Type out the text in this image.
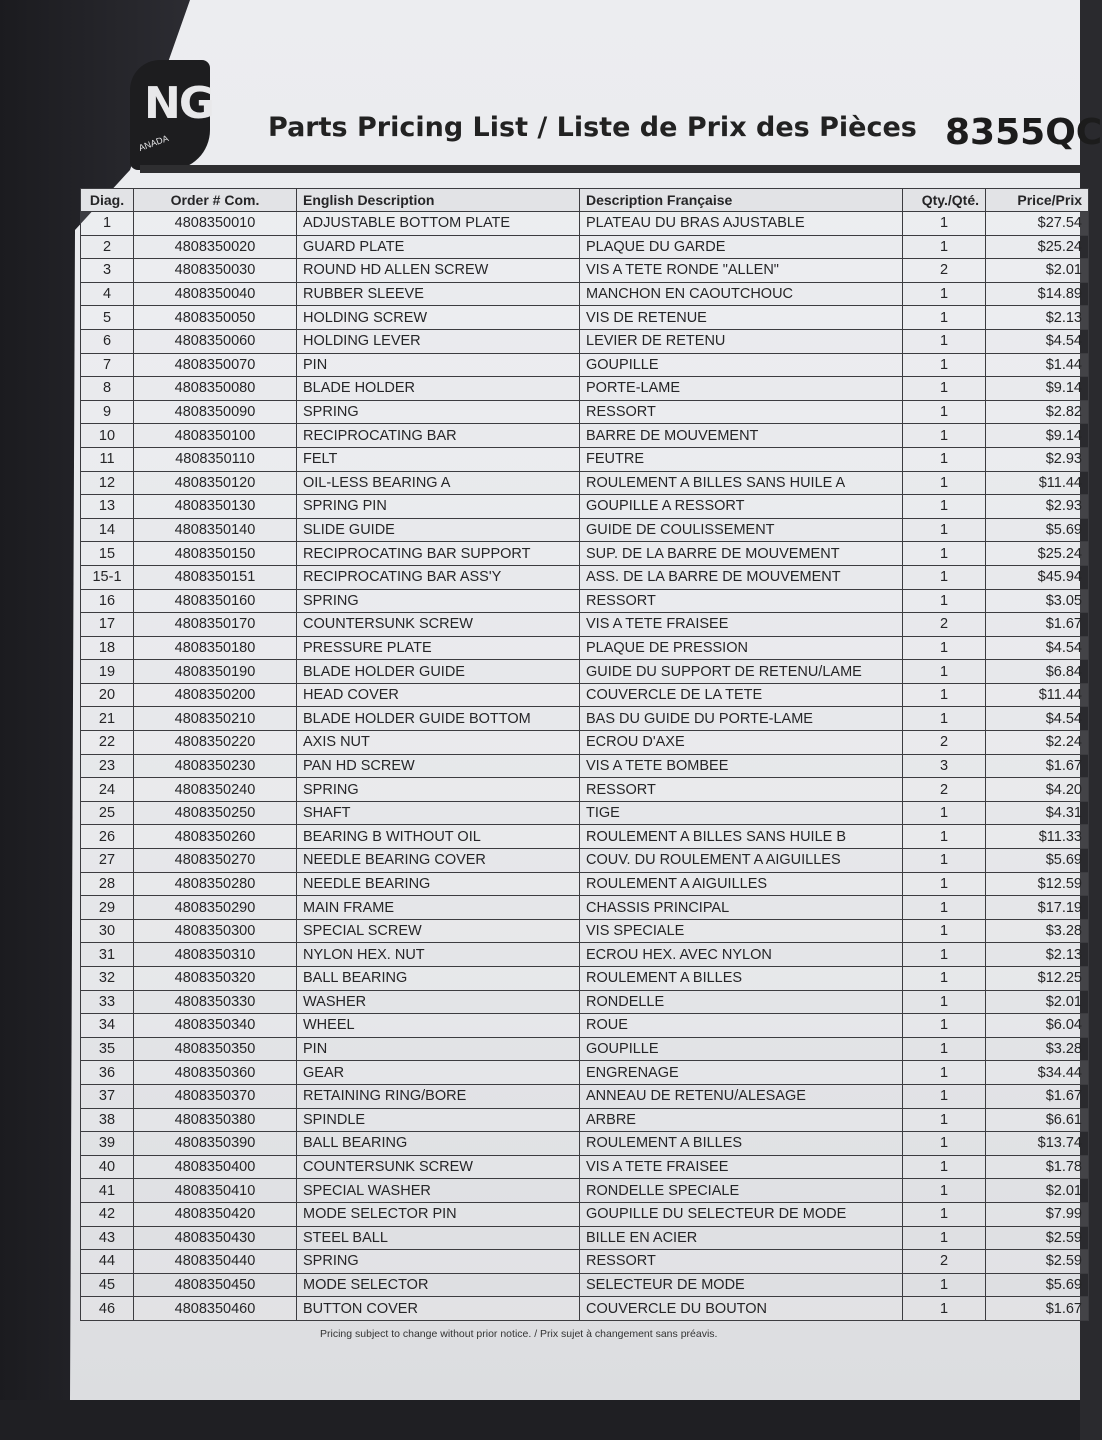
NG
ANADA	Parts Pricing List / Liste de Prix des Pièces 8355QC
Diag.	Order # Com.	English Description	Description Française	Qty./Qté.	Price/Prix
1	4808350010	ADJUSTABLE BOTTOM PLATE	PLATEAU DU BRAS AJUSTABLE	1	$27.54
2	4808350020	GUARD PLATE	PLAQUE DU GARDE	1	$25.24
3	4808350030	ROUND HD ALLEN SCREW	VIS A TETE RONDE "ALLEN"	2	$2.01
4	4808350040	RUBBER SLEEVE	MANCHON EN CAOUTCHOUC	1	$14.89
5	4808350050	HOLDING SCREW	VIS DE RETENUE	1	$2.13
6	4808350060	HOLDING LEVER	LEVIER DE RETENU	1	$4.54
7	4808350070	PIN	GOUPILLE	1	$1.44
8	4808350080	BLADE HOLDER	PORTE-LAME	1	$9.14
9	4808350090	SPRING	RESSORT	1	$2.82
10	4808350100	RECIPROCATING BAR	BARRE DE MOUVEMENT	1	$9.14
11	4808350110	FELT	FEUTRE	1	$2.93
12	4808350120	OIL-LESS BEARING A	ROULEMENT A BILLES SANS HUILE A	1	$11.44
13	4808350130	SPRING PIN	GOUPILLE A RESSORT	1	$2.93
14	4808350140	SLIDE GUIDE	GUIDE DE COULISSEMENT	1	$5.69
15	4808350150	RECIPROCATING BAR SUPPORT	SUP. DE LA BARRE DE MOUVEMENT	1	$25.24
15-1	4808350151	RECIPROCATING BAR ASS'Y	ASS. DE LA BARRE DE MOUVEMENT	1	$45.94
16	4808350160	SPRING	RESSORT	1	$3.05
17	4808350170	COUNTERSUNK SCREW	VIS A TETE FRAISEE	2	$1.67
18	4808350180	PRESSURE PLATE	PLAQUE DE PRESSION	1	$4.54
19	4808350190	BLADE HOLDER GUIDE	GUIDE DU SUPPORT DE RETENU/LAME	1	$6.84
20	4808350200	HEAD COVER	COUVERCLE DE LA TETE	1	$11.44
21	4808350210	BLADE HOLDER GUIDE BOTTOM	BAS DU GUIDE DU PORTE-LAME	1	$4.54
22	4808350220	AXIS NUT	ECROU D'AXE	2	$2.24
23	4808350230	PAN HD SCREW	VIS A TETE BOMBEE	3	$1.67
24	4808350240	SPRING	RESSORT	2	$4.20
25	4808350250	SHAFT	TIGE	1	$4.31
26	4808350260	BEARING B WITHOUT OIL	ROULEMENT A BILLES SANS HUILE B	1	$11.33
27	4808350270	NEEDLE BEARING COVER	COUV. DU ROULEMENT A AIGUILLES	1	$5.69
28	4808350280	NEEDLE BEARING	ROULEMENT A AIGUILLES	1	$12.59
29	4808350290	MAIN FRAME	CHASSIS PRINCIPAL	1	$17.19
30	4808350300	SPECIAL SCREW	VIS SPECIALE	1	$3.28
31	4808350310	NYLON HEX. NUT	ECROU HEX. AVEC NYLON	1	$2.13
32	4808350320	BALL BEARING	ROULEMENT A BILLES	1	$12.25
33	4808350330	WASHER	RONDELLE	1	$2.01
34	4808350340	WHEEL	ROUE	1	$6.04
35	4808350350	PIN	GOUPILLE	1	$3.28
36	4808350360	GEAR	ENGRENAGE	1	$34.44
37	4808350370	RETAINING RING/BORE	ANNEAU DE RETENU/ALESAGE	1	$1.67
38	4808350380	SPINDLE	ARBRE	1	$6.61
39	4808350390	BALL BEARING	ROULEMENT A BILLES	1	$13.74
40	4808350400	COUNTERSUNK SCREW	VIS A TETE FRAISEE	1	$1.78
41	4808350410	SPECIAL WASHER	RONDELLE SPECIALE	1	$2.01
42	4808350420	MODE SELECTOR PIN	GOUPILLE DU SELECTEUR DE MODE	1	$7.99
43	4808350430	STEEL BALL	BILLE EN ACIER	1	$2.59
44	4808350440	SPRING	RESSORT	2	$2.59
45	4808350450	MODE SELECTOR	SELECTEUR DE MODE	1	$5.69
46	4808350460	BUTTON COVER	COUVERCLE DU BOUTON	1	$1.67
Pricing subject to change without prior notice. / Prix sujet à changement sans préavis.
